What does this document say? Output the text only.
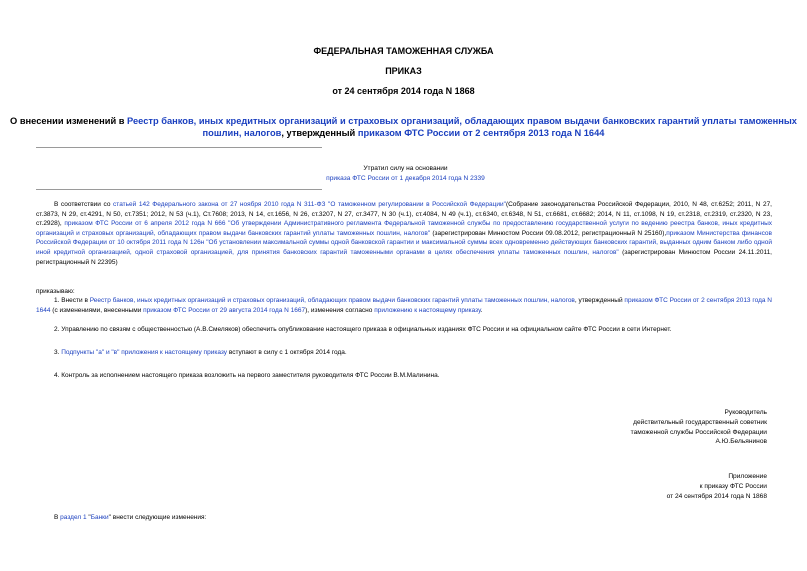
ФЕДЕРАЛЬНАЯ ТАМОЖЕННАЯ СЛУЖБА
ПРИКАЗ
от 24 сентября 2014 года N 1868
О внесении изменений в Реестр банков, иных кредитных организаций и страховых организаций, обладающих правом выдачи банковских гарантий уплаты таможенных пошлин, налогов, утвержденный приказом ФТС России от 2 сентября 2013 года N 1644
Утратил силу на основании
приказа ФТС России от 1 декабря 2014 года N 2339
В соответствии со статьей 142 Федерального закона от 27 ноября 2010 года N 311-ФЗ "О таможенном регулировании в Российской Федерации"(Собрание законодательства Российской Федерации, 2010, N 48, ст.6252; 2011, N 27, ст.3873, N 29, ст.4291, N 50, ст.7351; 2012, N 53 (ч.1), Ст.7608; 2013, N 14, ст.1656, N 26, ст.3207, N 27, ст.3477, N 30 (ч.1), ст.4084, N 49 (ч.1), ст.6340, ст.6348, N 51, ст.6681, ст.6682; 2014, N 11, ст.1098, N 19, ст.2318, ст.2319, ст.2320, N 23, ст.2928), приказом ФТС России от 6 апреля 2012 года N 666 "Об утверждении Административного регламента Федеральной таможенной службы по предоставлению государственной услуги по ведению реестра банков, иных кредитных организаций и страховых организаций, обладающих правом выдачи банковских гарантий уплаты таможенных пошлин, налогов" (зарегистрирован Минюстом России 09.08.2012, регистрационный N 25160),приказом Министерства финансов Российской Федерации от 10 октября 2011 года N 126н "Об установлении максимальной суммы одной банковской гарантии и максимальной суммы всех одновременно действующих банковских гарантий, выданных одним банком либо одной иной кредитной организацией, одной страховой организацией, для принятия банковских гарантий таможенными органами в целях обеспечения уплаты таможенных пошлин, налогов" (зарегистрирован Минюстом России 24.11.2011, регистрационный N 22395)
приказываю:
1. Внести в Реестр банков, иных кредитных организаций и страховых организаций, обладающих правом выдачи банковских гарантий уплаты таможенных пошлин, налогов, утвержденный приказом ФТС России от 2 сентября 2013 года N 1644 (с изменениями, внесенными приказом ФТС России от 29 августа 2014 года N 1667), изменения согласно приложению к настоящему приказу.
2. Управлению по связям с общественностью (А.В.Смеляков) обеспечить опубликование настоящего приказа в официальных изданиях ФТС России и на официальном сайте ФТС России в сети Интернет.
3. Подпункты "а" и "в" приложения к настоящему приказу вступают в силу с 1 октября 2014 года.
4. Контроль за исполнением настоящего приказа возложить на первого заместителя руководителя ФТС России В.М.Малинина.
Руководитель
действительный государственный советник
таможенной службы Российской Федерации
А.Ю.Бельянинов
Приложение
к приказу ФТС России
от 24 сентября 2014 года N 1868
В раздел 1 "Банки" внести следующие изменения:
